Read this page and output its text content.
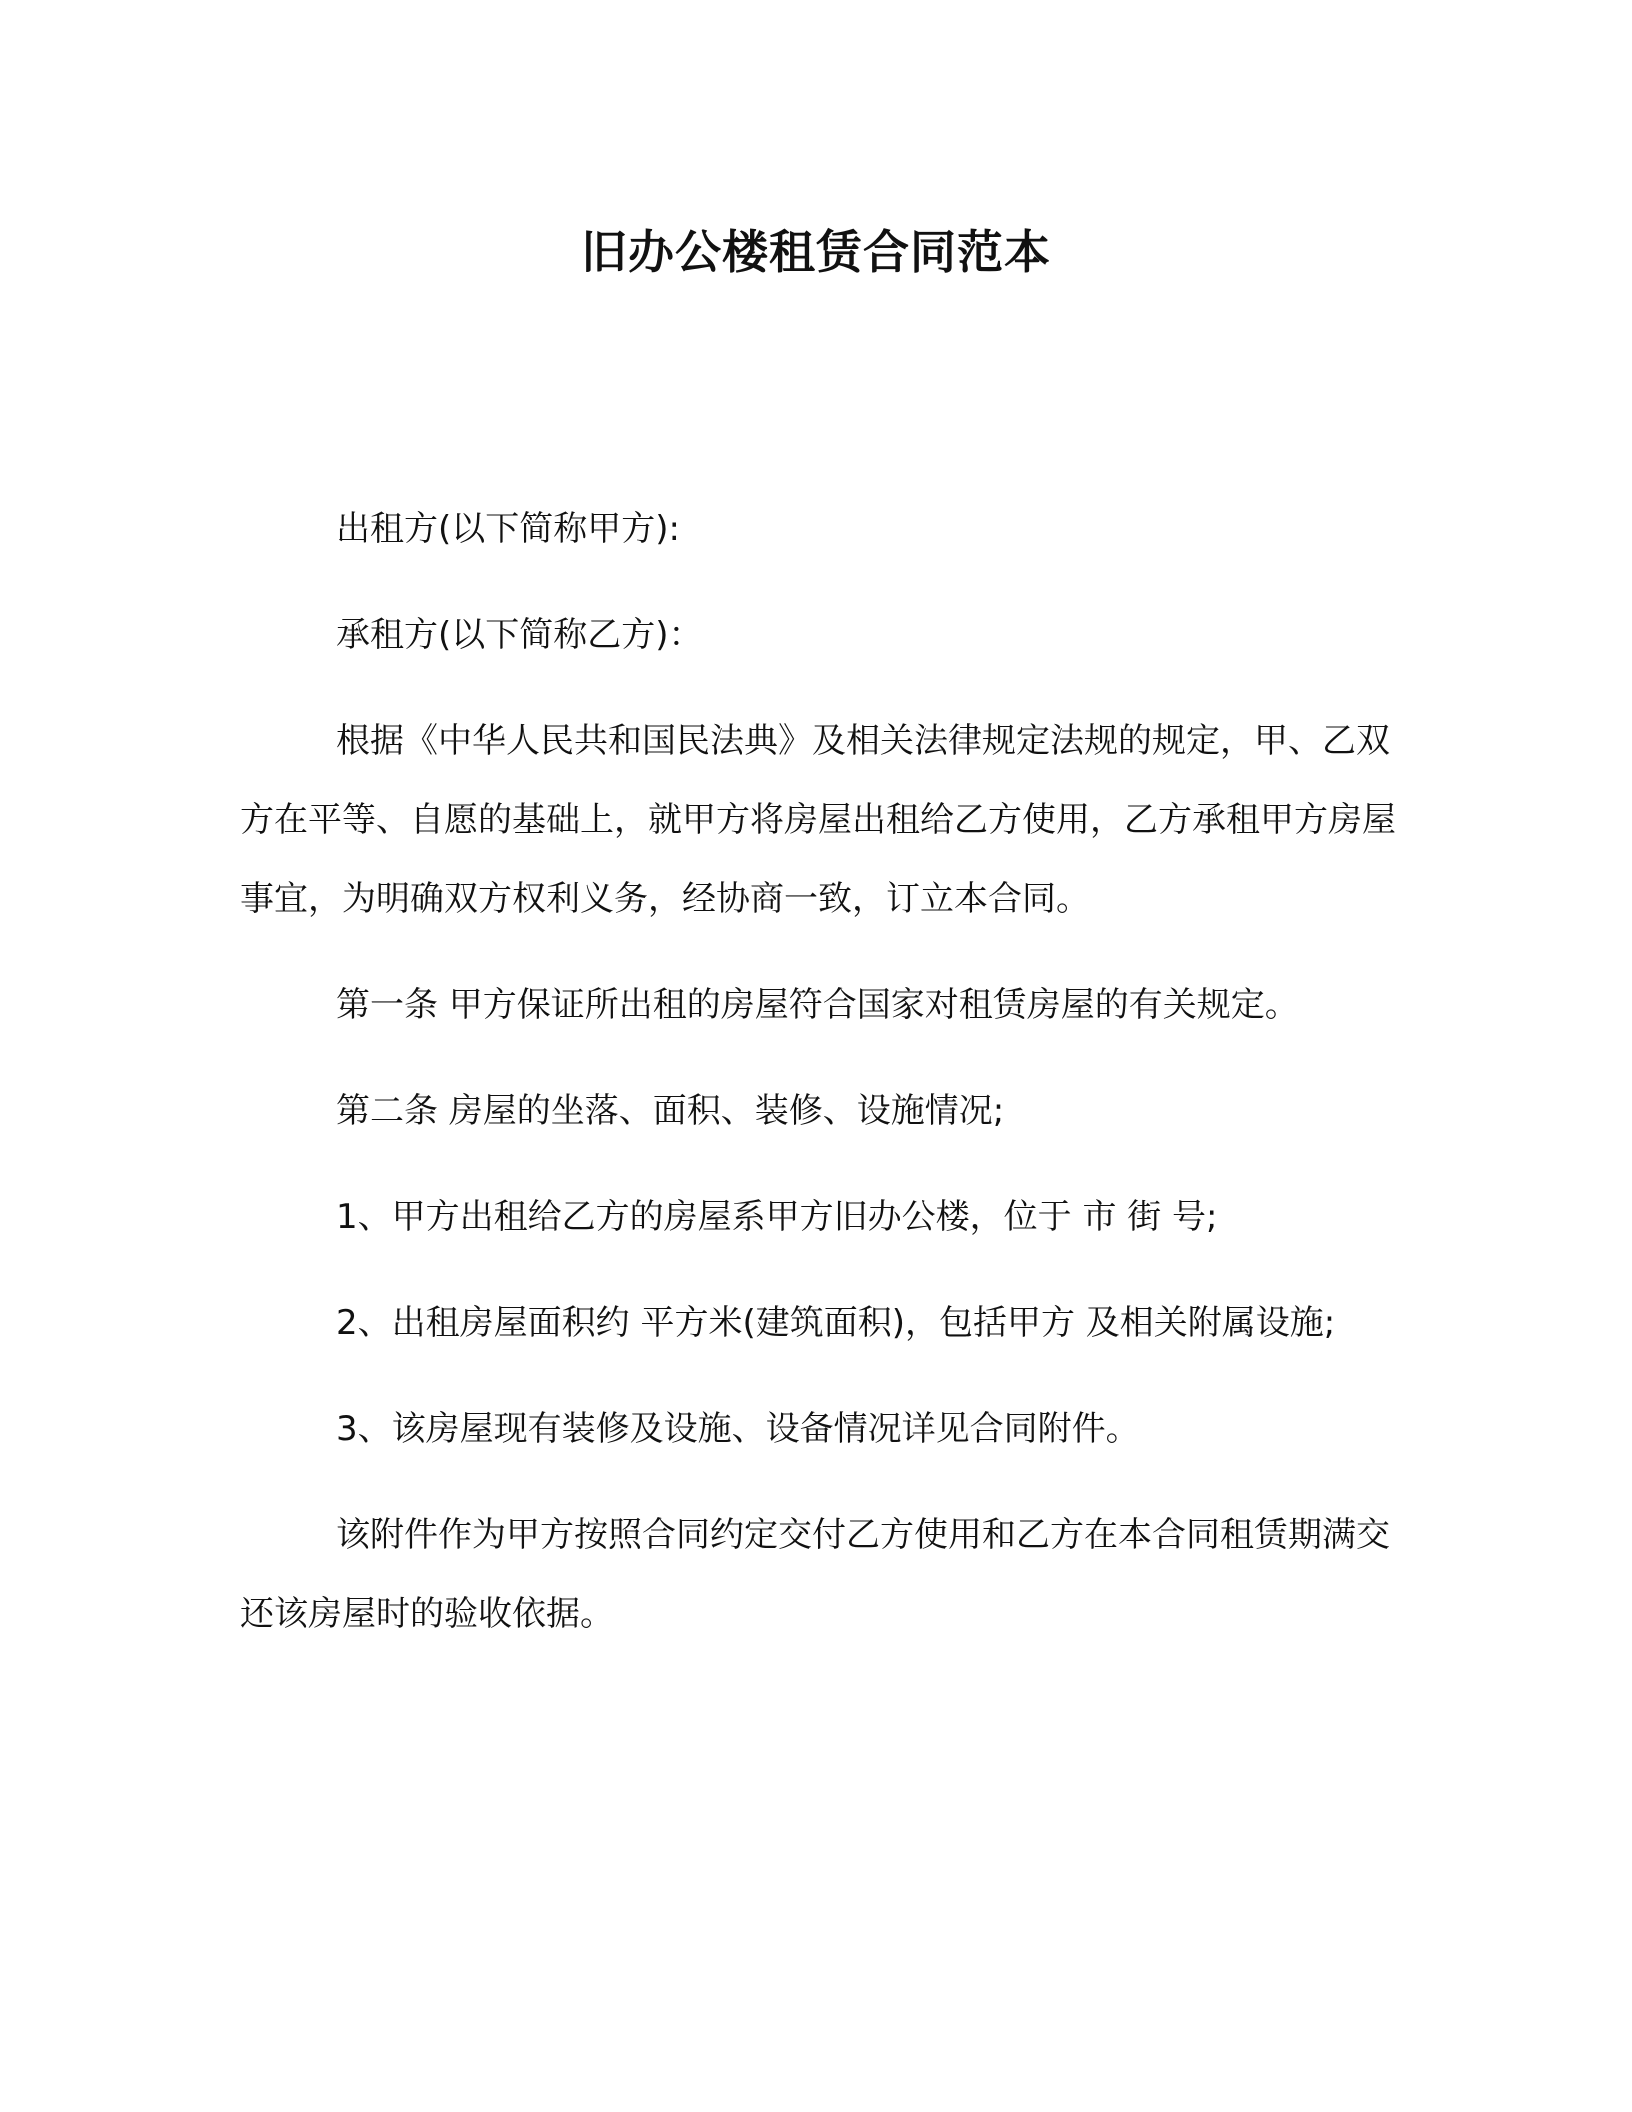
旧办公楼租赁合同范本

出租方(以下简称甲方):

承租方(以下简称乙方)：

根据《中华人民共和国民法典》及相关法律规定法规的规定，甲、乙双方在平等、自愿的基础上，就甲方将房屋出租给乙方使用，乙方承租甲方房屋事宜，为明确双方权利义务，经协商一致，订立本合同。

第一条 甲方保证所出租的房屋符合国家对租赁房屋的有关规定。

第二条 房屋的坐落、面积、装修、设施情况;

1、甲方出租给乙方的房屋系甲方旧办公楼，位于 市 街 号;

2、出租房屋面积约 平方米(建筑面积)，包括甲方 及相关附属设施;

3、该房屋现有装修及设施、设备情况详见合同附件。

该附件作为甲方按照合同约定交付乙方使用和乙方在本合同租赁期满交还该房屋时的验收依据。
